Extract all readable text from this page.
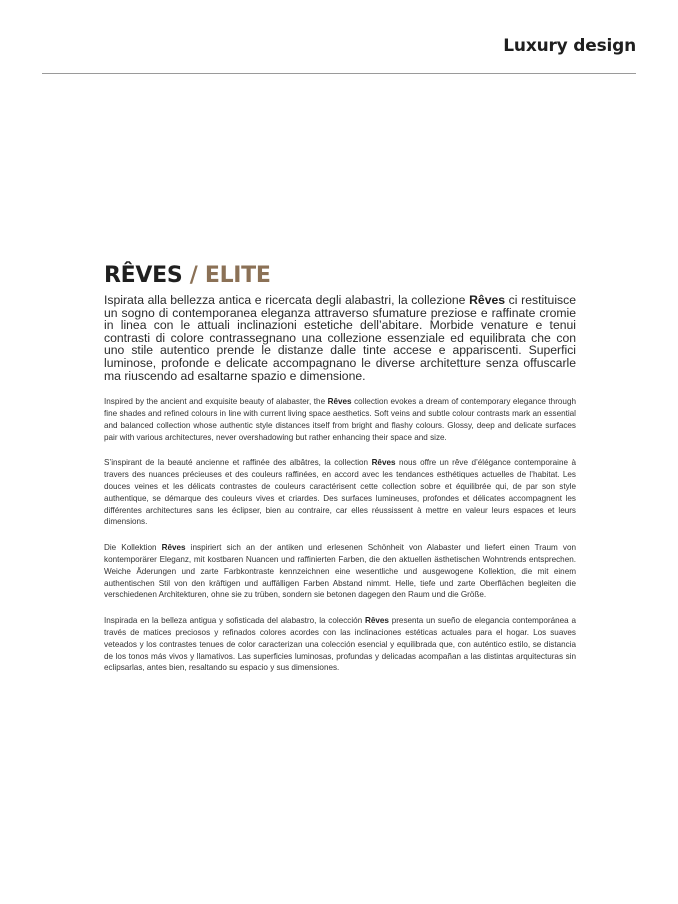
Luxury design
RÊVES / ELITE

Ispirata alla bellezza antica e ricercata degli alabastri, la collezione Rêves ci restituisce un sogno di contemporanea eleganza attraverso sfumature preziose e raffinate cromie in linea con le attuali inclinazioni estetiche dell’abitare. Morbide venature e tenui contrasti di colore contrassegnano una collezione essenziale ed equilibrata che con uno stile autentico prende le distanze dalle tinte accese e appariscenti. Superfici luminose, profonde e delicate accompagnano le diverse architetture senza offuscarle ma riuscendo ad esaltarne spazio e dimensione.

Inspired by the ancient and exquisite beauty of alabaster, the Rêves collection evokes a dream of contemporary elegance through fine shades and refined colours in line with current living space aesthetics. Soft veins and subtle colour contrasts mark an essential and balanced collection whose authentic style distances itself from bright and flashy colours. Glossy, deep and delicate surfaces pair with various architectures, never overshadowing but rather enhancing their space and size.

S’inspirant de la beauté ancienne et raffinée des albâtres, la collection Rêves nous offre un rêve d’élégance contemporaine à travers des nuances précieuses et des couleurs raffinées, en accord avec les tendances esthétiques actuelles de l’habitat. Les douces veines et les délicats contrastes de couleurs caractérisent cette collection sobre et équilibrée qui, de par son style authentique, se démarque des couleurs vives et criardes. Des surfaces lumineuses, profondes et délicates accompagnent les différentes architectures sans les éclipser, bien au contraire, car elles réussissent à mettre en valeur leurs espaces et leurs dimensions.

Die Kollektion Rêves inspiriert sich an der antiken und erlesenen Schönheit von Alabaster und liefert einen Traum von kontemporärer Eleganz, mit kostbaren Nuancen und raffinierten Farben, die den aktuellen ästhetischen Wohntrends entsprechen. Weiche Äderungen und zarte Farbkontraste kennzeichnen eine wesentliche und ausgewogene Kollektion, die mit einem authentischen Stil von den kräftigen und auffälligen Farben Abstand nimmt. Helle, tiefe und zarte Oberflächen begleiten die verschiedenen Architekturen, ohne sie zu trüben, sondern sie betonen dagegen den Raum und die Größe.

Inspirada en la belleza antigua y sofisticada del alabastro, la colección Rêves presenta un sueño de elegancia contemporánea a través de matices preciosos y refinados colores acordes con las inclinaciones estéticas actuales para el hogar. Los suaves veteados y los contrastes tenues de color caracterizan una colección esencial y equilibrada que, con auténtico estilo, se distancia de los tonos más vivos y llamativos. Las superficies luminosas, profundas y delicadas acompañan a las distintas arquitecturas sin eclipsarlas, antes bien, resaltando su espacio y sus dimensiones.
